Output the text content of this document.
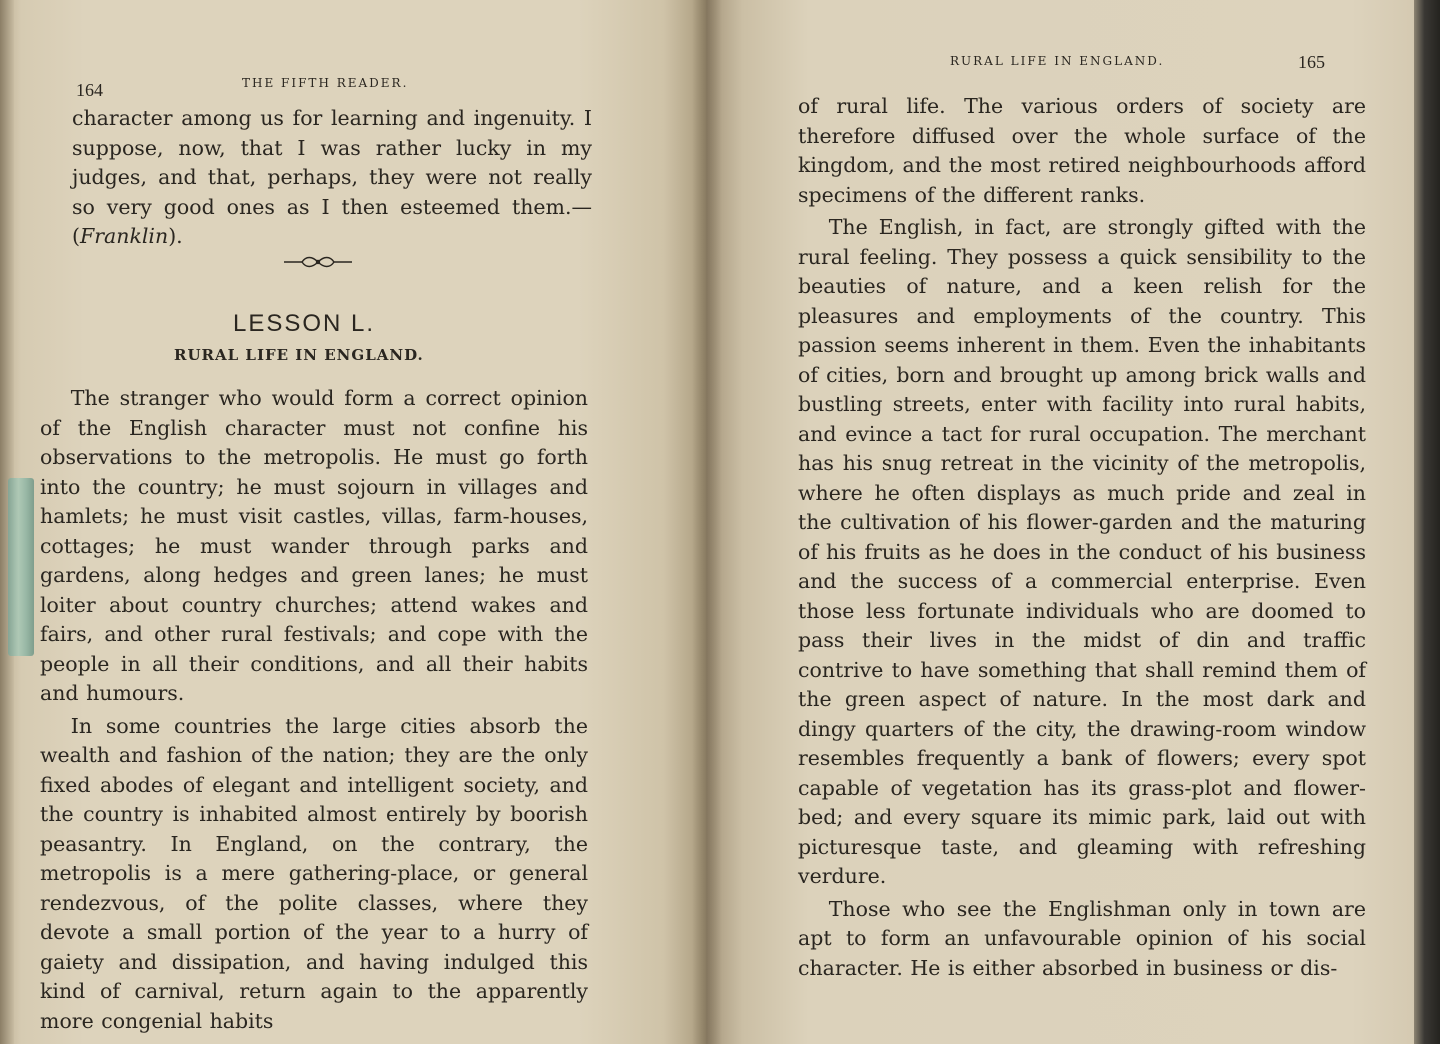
164	THE FIFTH READER.

character among us for learning and ingenuity. I suppose, now, that I was rather lucky in my judges, and that, perhaps, they were not really so very good ones as I then esteemed them.—(Franklin).

LESSON L.
RURAL LIFE IN ENGLAND.

The stranger who would form a correct opinion of the English character must not confine his observations to the metropolis. He must go forth into the country; he must sojourn in villages and hamlets; he must visit castles, villas, farm-houses, cottages; he must wander through parks and gardens, along hedges and green lanes; he must loiter about country churches; attend wakes and fairs, and other rural festivals; and cope with the people in all their conditions, and all their habits and humours.

In some countries the large cities absorb the wealth and fashion of the nation; they are the only fixed abodes of elegant and intelligent society, and the country is inhabited almost entirely by boorish peasantry. In England, on the contrary, the metropolis is a mere gathering-place, or general rendezvous, of the polite classes, where they devote a small portion of the year to a hurry of gaiety and dissipation, and having indulged this kind of carnival, return again to the apparently more congenial habits

RURAL LIFE IN ENGLAND.	165

of rural life. The various orders of society are therefore diffused over the whole surface of the kingdom, and the most retired neighbourhoods afford specimens of the different ranks.

The English, in fact, are strongly gifted with the rural feeling. They possess a quick sensibility to the beauties of nature, and a keen relish for the pleasures and employments of the country. This passion seems inherent in them. Even the inhabitants of cities, born and brought up among brick walls and bustling streets, enter with facility into rural habits, and evince a tact for rural occupation. The merchant has his snug retreat in the vicinity of the metropolis, where he often displays as much pride and zeal in the cultivation of his flower-garden and the maturing of his fruits as he does in the conduct of his business and the success of a commercial enterprise. Even those less fortunate individuals who are doomed to pass their lives in the midst of din and traffic contrive to have something that shall remind them of the green aspect of nature. In the most dark and dingy quarters of the city, the drawing-room window resembles frequently a bank of flowers; every spot capable of vegetation has its grass-plot and flower-bed; and every square its mimic park, laid out with picturesque taste, and gleaming with refreshing verdure.

Those who see the Englishman only in town are apt to form an unfavourable opinion of his social character. He is either absorbed in business or dis-
